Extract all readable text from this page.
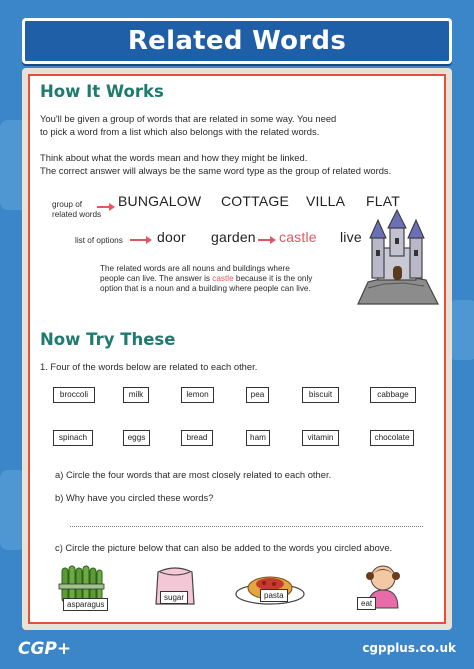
Related Words
How It Works
You'll be given a group of words that are related in some way. You need
to pick a word from a list which also belongs with the related words.
Think about what the words mean and how they might be linked.
The correct answer will always be the same word type as the group of related words.
group of
related words
BUNGALOW COTTAGE VILLA FLAT
list of options door garden castle live
The related words are all nouns and buildings where
people can live. The answer is castle because it is the only
option that is a noun and a building where people can live.
Now Try These
1. Four of the words below are related to each other.
broccoli	milk	lemon	pea	biscuit	cabbage
spinach	eggs	bread	ham	vitamin	chocolate
a) Circle the four words that are most closely related to each other.
b) Why have you circled these words?
c) Circle the picture below that can also be added to the words you circled above.
asparagus
sugar	pasta
eat
CGP+	cgpplus.co.uk
